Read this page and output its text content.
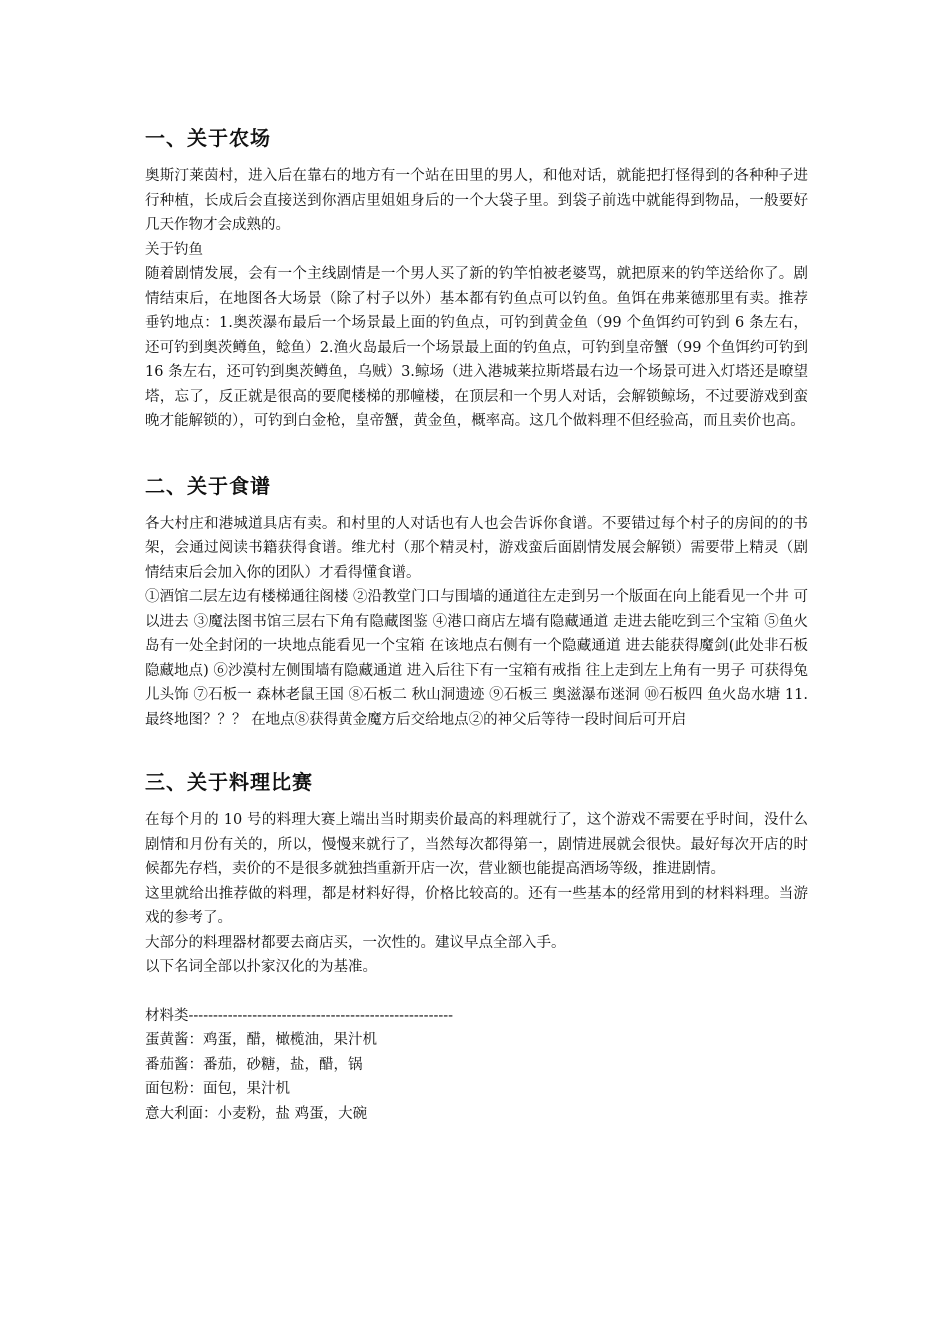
一、关于农场

奥斯汀莱茵村，进入后在靠右的地方有一个站在田里的男人，和他对话，就能把打怪得到的各种种子进行种植，长成后会直接送到你酒店里姐姐身后的一个大袋子里。到袋子前选中就能得到物品，一般要好几天作物才会成熟的。

关于钓鱼

随着剧情发展，会有一个主线剧情是一个男人买了新的钓竿怕被老婆骂，就把原来的钓竿送给你了。剧情结束后，在地图各大场景（除了村子以外）基本都有钓鱼点可以钓鱼。鱼饵在弗莱德那里有卖。推荐垂钓地点：1.奥茨瀑布最后一个场景最上面的钓鱼点，可钓到黄金鱼（99 个鱼饵约可钓到 6 条左右，还可钓到奥茨鳟鱼，鲶鱼）2.渔火岛最后一个场景最上面的钓鱼点，可钓到皇帝蟹（99 个鱼饵约可钓到 16 条左右，还可钓到奥茨鳟鱼，乌贼）3.鲸场（进入港城莱拉斯塔最右边一个场景可进入灯塔还是暸望塔，忘了，反正就是很高的要爬楼梯的那幢楼，在顶层和一个男人对话，会解锁鲸场，不过要游戏到蛮晚才能解锁的），可钓到白金枪，皇帝蟹，黄金鱼，概率高。这几个做料理不但经验高，而且卖价也高。

二、关于食谱

各大村庄和港城道具店有卖。和村里的人对话也有人也会告诉你食谱。不要错过每个村子的房间的的书架，会通过阅读书籍获得食谱。维尤村（那个精灵村，游戏蛮后面剧情发展会解锁）需要带上精灵（剧情结束后会加入你的团队）才看得懂食谱。

①酒馆二层左边有楼梯通往阁楼 ②沿教堂门口与围墙的通道往左走到另一个版面在向上能看见一个井 可以进去 ③魔法图书馆三层右下角有隐藏图鉴 ④港口商店左墙有隐藏通道 走进去能吃到三个宝箱 ⑤鱼火岛有一处全封闭的一块地点能看见一个宝箱 在该地点右侧有一个隐藏通道 进去能获得魔剑(此处非石板隐藏地点) ⑥沙漠村左侧围墙有隐藏通道 进入后往下有一宝箱有戒指 往上走到左上角有一男子 可获得兔儿头饰 ⑦石板一 森林老鼠王国 ⑧石板二 秋山洞遗迹 ⑨石板三 奥滋瀑布迷洞 ⑩石板四 鱼火岛水塘 11.最终地图？？？ 在地点⑧获得黄金魔方后交给地点②的神父后等待一段时间后可开启

三、关于料理比赛

在每个月的 10 号的料理大赛上端出当时期卖价最高的料理就行了，这个游戏不需要在乎时间，没什么剧情和月份有关的，所以，慢慢来就行了，当然每次都得第一，剧情进展就会很快。最好每次开店的时候都先存档，卖价的不是很多就独挡重新开店一次，营业额也能提高酒场等级，推进剧情。

这里就给出推荐做的料理，都是材料好得，价格比较高的。还有一些基本的经常用到的材料料理。当游戏的参考了。

大部分的料理器材都要去商店买，一次性的。建议早点全部入手。

以下名词全部以扑家汉化的为基准。

材料类------------------------------------------------------
蛋黄酱：鸡蛋，醋，橄榄油，果汁机
番茄酱：番茄，砂糖，盐，醋，锅
面包粉：面包，果汁机
意大利面：小麦粉，盐 鸡蛋，大碗
